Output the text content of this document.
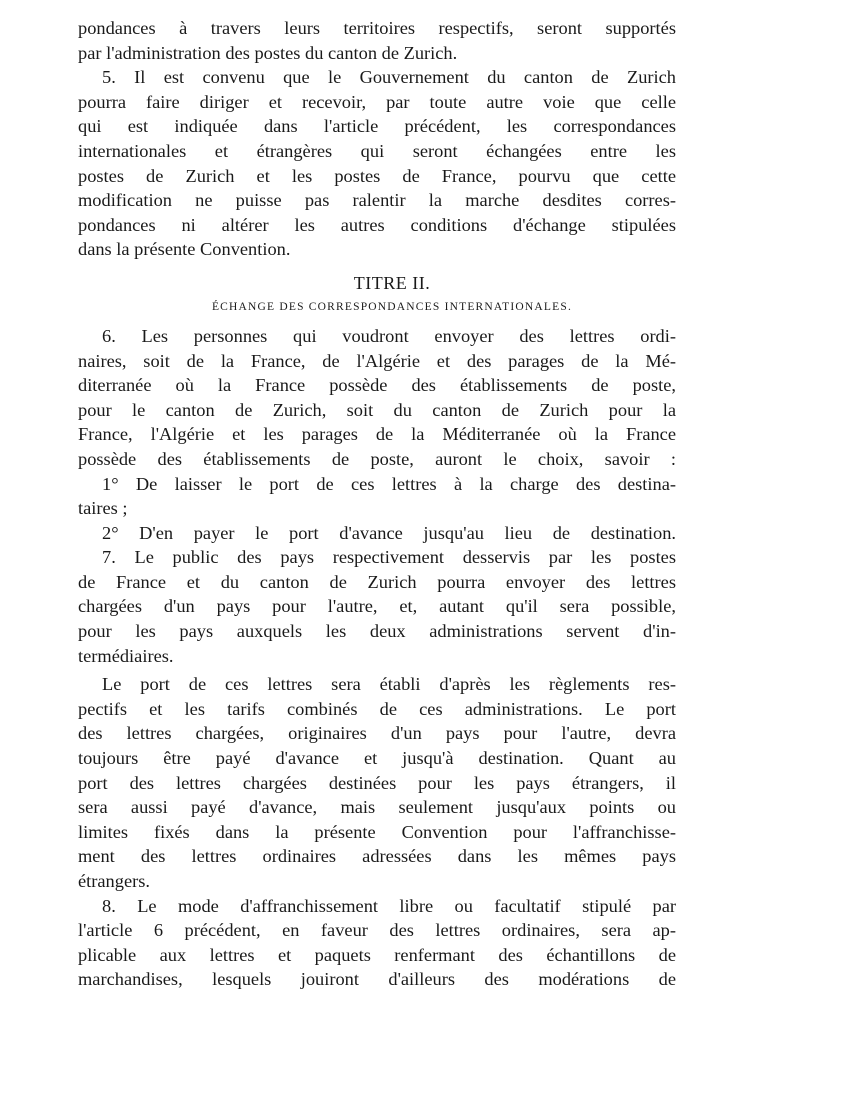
pondances à travers leurs territoires respectifs, seront supportés
par l'administration des postes du canton de Zurich.
5. Il est convenu que le Gouvernement du canton de Zurich
pourra faire diriger et recevoir, par toute autre voie que celle
qui est indiquée dans l'article précédent, les correspondances
internationales et étrangères qui seront échangées entre les
postes de Zurich et les postes de France, pourvu que cette
modification ne puisse pas ralentir la marche desdites corres-
pondances ni altérer les autres conditions d'échange stipulées
dans la présente Convention.
TITRE II.
ÉCHANGE DES CORRESPONDANCES INTERNATIONALES.
6. Les personnes qui voudront envoyer des lettres ordi-
naires, soit de la France, de l'Algérie et des parages de la Mé-
diterranée où la France possède des établissements de poste,
pour le canton de Zurich, soit du canton de Zurich pour la
France, l'Algérie et les parages de la Méditerranée où la France
possède des établissements de poste, auront le choix, savoir :
1° De laisser le port de ces lettres à la charge des destina-
taires ;
2° D'en payer le port d'avance jusqu'au lieu de destination.
7. Le public des pays respectivement desservis par les postes
de France et du canton de Zurich pourra envoyer des lettres
chargées d'un pays pour l'autre, et, autant qu'il sera possible,
pour les pays auxquels les deux administrations servent d'in-
termédiaires.
Le port de ces lettres sera établi d'après les règlements res-
pectifs et les tarifs combinés de ces administrations. Le port
des lettres chargées, originaires d'un pays pour l'autre, devra
toujours être payé d'avance et jusqu'à destination. Quant au
port des lettres chargées destinées pour les pays étrangers, il
sera aussi payé d'avance, mais seulement jusqu'aux points ou
limites fixés dans la présente Convention pour l'affranchisse-
ment des lettres ordinaires adressées dans les mêmes pays
étrangers.
8. Le mode d'affranchissement libre ou facultatif stipulé par
l'article 6 précédent, en faveur des lettres ordinaires, sera ap-
plicable aux lettres et paquets renfermant des échantillons de
marchandises, lesquels jouiront d'ailleurs des modérations de
